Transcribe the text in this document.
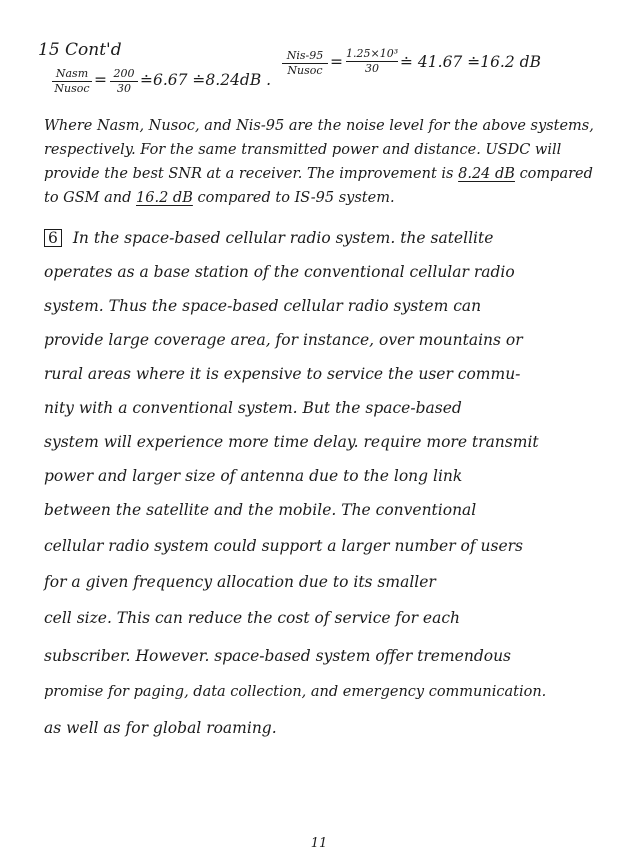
15 Cont'd
Nasm
Nusoc = 200
30 ≐6.67 ≐8.24dB .
Nis-95
Nusoc = 1.25×10³
30	≐ 41.67 ≐16.2 dB
Where Nasm, Nusoc, and Nis-95 are the noise level for the above systems,
respectively. For the same transmitted power and distance. USDC will
provide the best SNR at a receiver. The improvement is 8.24 dB compared
to GSM and 16.2 dB compared to IS-95 system.
6 In the space-based cellular radio system. the satellite
operates as a base station of the conventional cellular radio
system. Thus the space-based cellular radio system can
provide large coverage area, for instance, over mountains or
rural areas where it is expensive to service the user commu-
nity with a conventional system. But the space-based
system will experience more time delay. require more transmit
power and larger size of antenna due to the long link
between the satellite and the mobile. The conventional
cellular radio system could support a larger number of users
for a given frequency allocation due to its smaller
cell size. This can reduce the cost of service for each
subscriber. However. space-based system offer tremendous
promise for paging, data collection, and emergency communication.
as well as for global roaming.
11
